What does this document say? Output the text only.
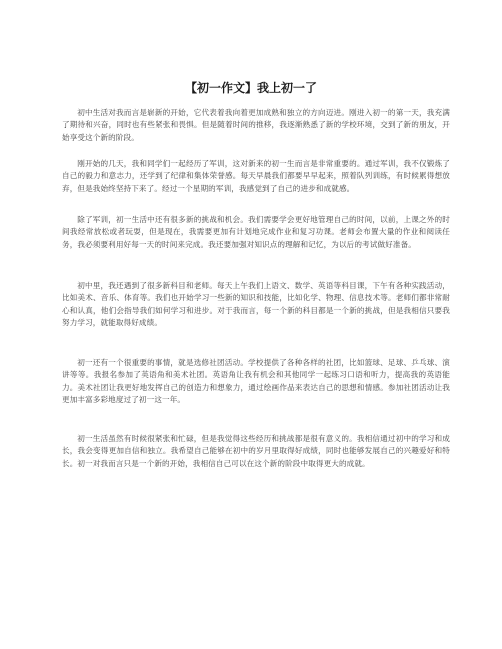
【初一作文】我上初一了

初中生活对我而言是崭新的开始，它代表着我向着更加成熟和独立的方向迈进。刚进入初一的第一天，我充满了期待和兴奋，同时也有些紧张和畏惧。但是随着时间的推移，我逐渐熟悉了新的学校环境，交到了新的朋友，开始享受这个新的阶段。

刚开始的几天，我和同学们一起经历了军训，这对新来的初一生而言是非常重要的。通过军训，我不仅锻炼了自己的毅力和意志力，还学到了纪律和集体荣誉感。每天早晨我们都要早早起来，照着队列训练，有时候累得想放弃，但是我始终坚持下来了。经过一个星期的军训，我感觉到了自己的进步和成就感。

除了军训，初一生活中还有很多新的挑战和机会。我们需要学会更好地管理自己的时间，以前，上课之外的时间我经常放松或者玩耍，但是现在，我需要更加有计划地完成作业和复习功课。老师会布置大量的作业和阅读任务，我必须要利用好每一天的时间来完成。我还要加强对知识点的理解和记忆，为以后的考试做好准备。

初中里，我还遇到了很多新科目和老师。每天上午我们上语文、数学、英语等科目课，下午有各种实践活动，比如美术、音乐、体育等。我们也开始学习一些新的知识和技能，比如化学、物理、信息技术等。老师们都非常耐心和认真，他们会指导我们如何学习和进步。对于我而言，每一个新的科目都是一个新的挑战，但是我相信只要我努力学习，就能取得好成绩。

初一还有一个很重要的事情，就是选修社团活动。学校提供了各种各样的社团，比如篮球、足球、乒乓球、演讲等等。我报名参加了英语角和美术社团。英语角让我有机会和其他同学一起练习口语和听力，提高我的英语能力。美术社团让我更好地发挥自己的创造力和想象力，通过绘画作品来表达自己的思想和情感。参加社团活动让我更加丰富多彩地度过了初一这一年。

初一生活虽然有时候很紧张和忙碌，但是我觉得这些经历和挑战都是很有意义的。我相信通过初中的学习和成长，我会变得更加自信和独立。我希望自己能够在初中的岁月里取得好成绩，同时也能够发展自己的兴趣爱好和特长。初一对我而言只是一个新的开始，我相信自己可以在这个新的阶段中取得更大的成就。
